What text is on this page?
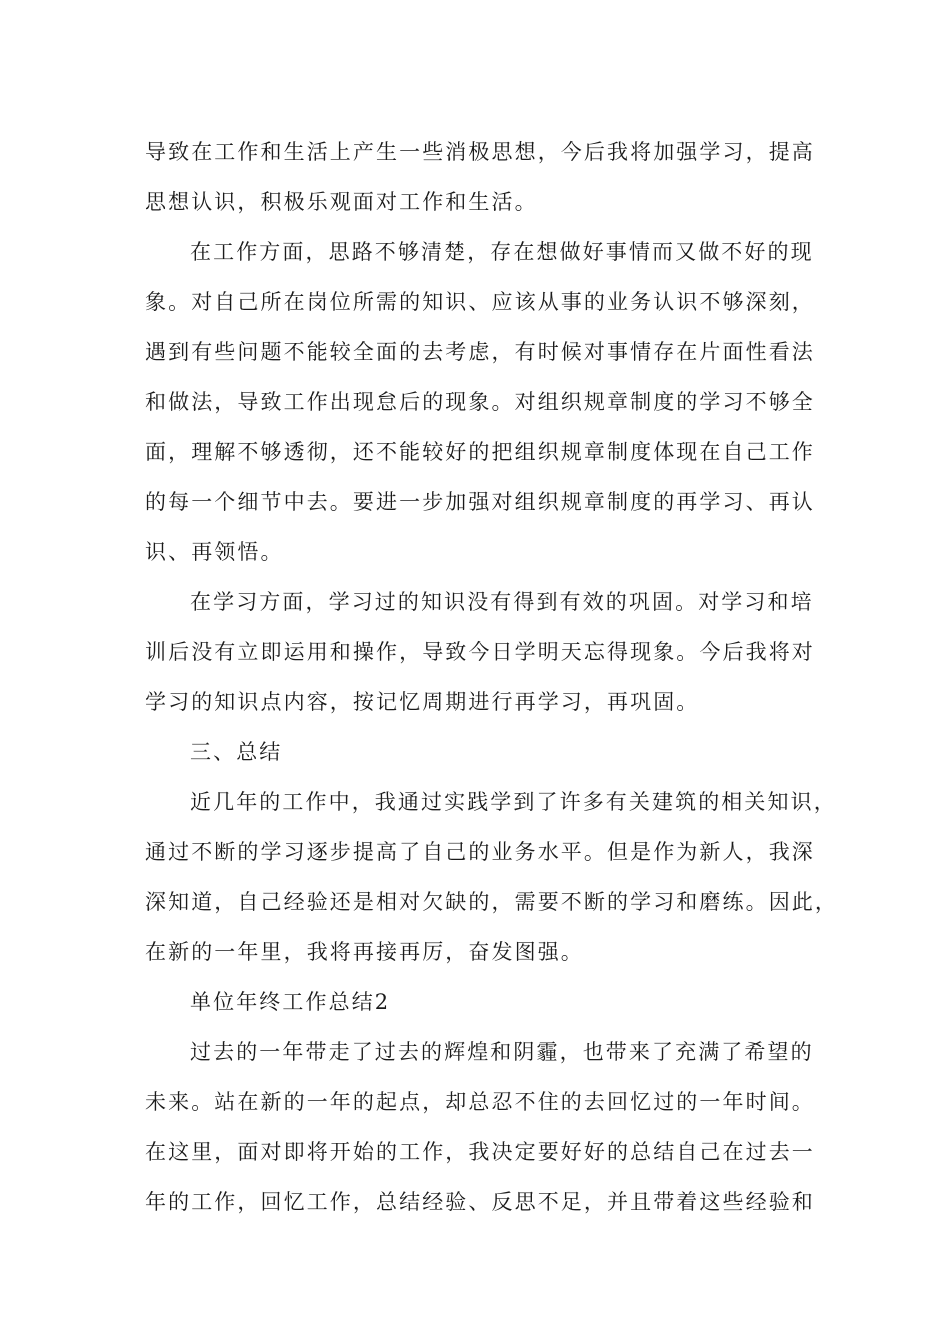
导致在工作和生活上产生一些消极思想，今后我将加强学习，提高
思想认识，积极乐观面对工作和生活。
在工作方面，思路不够清楚，存在想做好事情而又做不好的现
象。对自己所在岗位所需的知识、应该从事的业务认识不够深刻，
遇到有些问题不能较全面的去考虑，有时候对事情存在片面性看法
和做法，导致工作出现怠后的现象。对组织规章制度的学习不够全
面，理解不够透彻，还不能较好的把组织规章制度体现在自己工作
的每一个细节中去。要进一步加强对组织规章制度的再学习、再认
识、再领悟。
在学习方面，学习过的知识没有得到有效的巩固。对学习和培
训后没有立即运用和操作，导致今日学明天忘得现象。今后我将对
学习的知识点内容，按记忆周期进行再学习，再巩固。
三、总结
近几年的工作中，我通过实践学到了许多有关建筑的相关知识，
通过不断的学习逐步提高了自己的业务水平。但是作为新人，我深
深知道，自己经验还是相对欠缺的，需要不断的学习和磨练。因此，
在新的一年里，我将再接再厉，奋发图强。
单位年终工作总结2
过去的一年带走了过去的辉煌和阴霾，也带来了充满了希望的
未来。站在新的一年的起点，却总忍不住的去回忆过的一年时间。
在这里，面对即将开始的工作，我决定要好好的总结自己在过去一
年的工作，回忆工作，总结经验、反思不足，并且带着这些经验和
